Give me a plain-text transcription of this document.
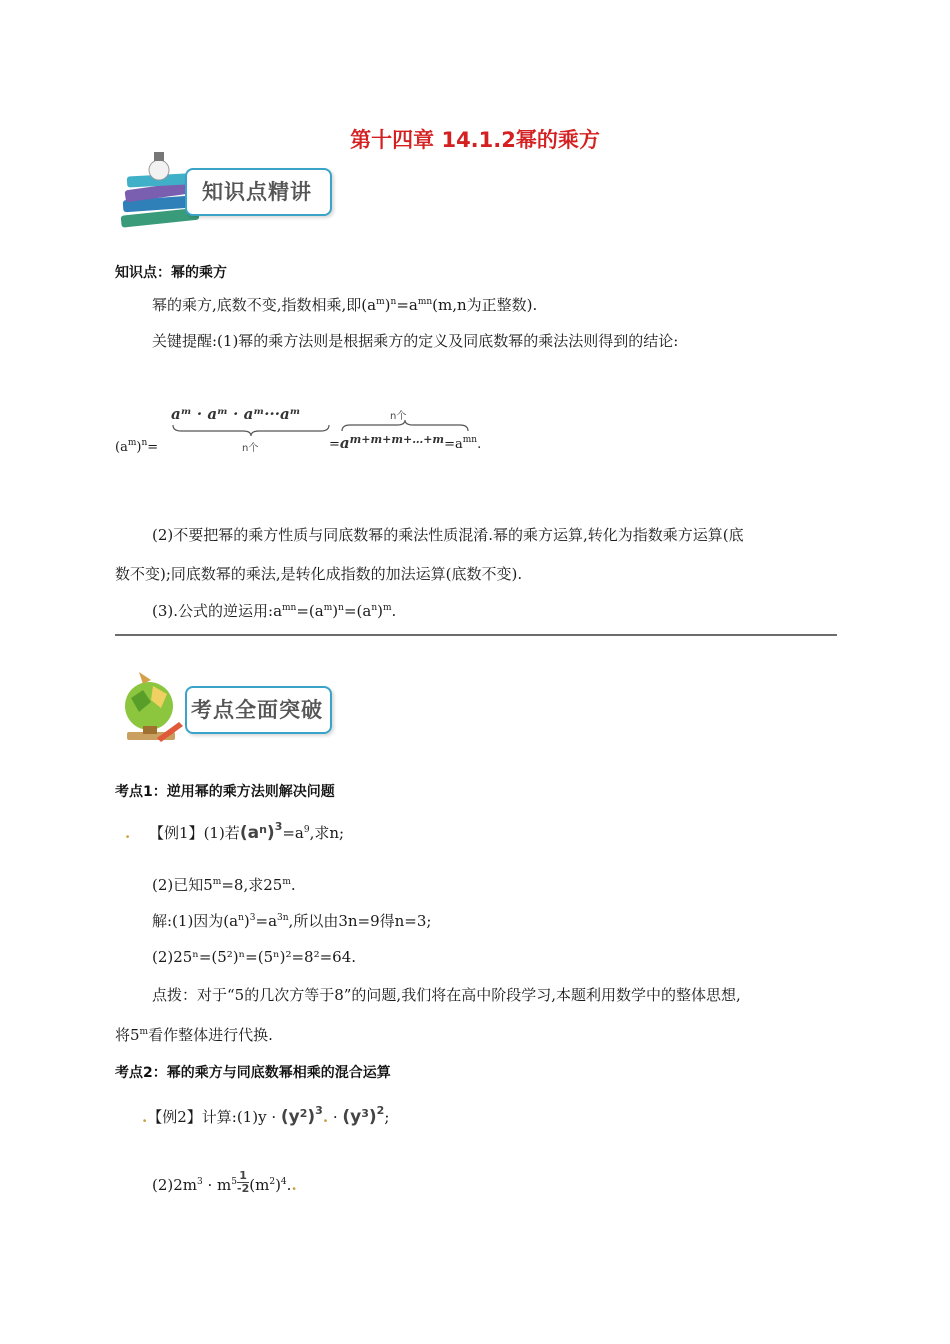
第十四章 14.1.2幂的乘方
知识点精讲
知识点：幂的乘方
幂的乘方,底数不变,指数相乘,即$(a^m)^n=a^{mn}(m,n$为正整数).
关键提醒:(1)幂的乘方法则是根据乘方的定义及同底数幂的乘法法则得到的结论:
$(a^m)^n=$
aᵐ · aᵐ · aᵐ···aᵐ
n个
n个
$=a^{m+m+m+\dots+m}=a^{mn}$.
(2)不要把幂的乘方性质与同底数幂的乘法性质混淆.幂的乘方运算,转化为指数乘方运算(底
数不变);同底数幂的乘法,是转化成指数的加法运算(底数不变).
(3).公式的逆运用$:a^{mn}=(a^m)^n=(a^n)^m$.
考点全面突破
考点1：逆用幂的乘方法则解决问题
. 【例1】(1)若$(a^n)^3=a^9$,求n;
(2)已知$5^m=8$,求25$^m$.
解:(1)因为$(a^n)^3=a^{3n}$,所以由3n=9得n=3;
(2)25ⁿ=(5²)ⁿ=(5ⁿ)²=8²=64.
点拨：对于“5的几次方等于8”的问题,我们将在高中阶段学习,本题利用数学中的整体思想,
将5$^m$看作整体进行代换.
考点2：幂的乘方与同底数幂相乘的混合运算
.【例2】计算:(1)y · $(y^2)^3$. · $(y^3)^2$;
$(2)2m^3 \cdot m^5 \frac{1}{-2} (m^2)^4$..
